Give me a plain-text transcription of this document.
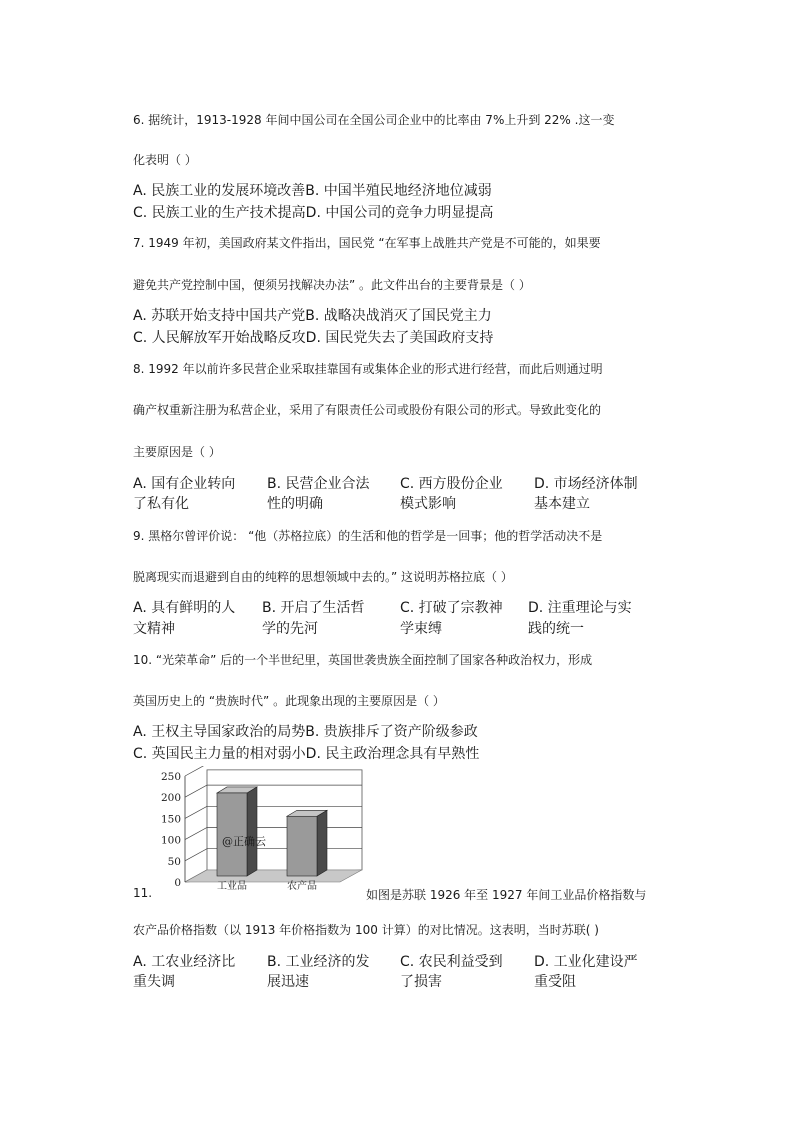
6. 据统计，1913-1928 年间中国公司在全国公司企业中的比率由 7%上升到 22% .这一变
化表明（ ）
A. 民族工业的发展环境改善B. 中国半殖民地经济地位减弱
C. 民族工业的生产技术提高D. 中国公司的竞争力明显提高
7. 1949 年初，美国政府某文件指出，国民党 “在军事上战胜共产党是不可能的，如果要
避免共产党控制中国，便须另找解决办法” 。此文件出台的主要背景是（ ）
A. 苏联开始支持中国共产党B. 战略决战消灭了国民党主力
C. 人民解放军开始战略反攻D. 国民党失去了美国政府支持
8. 1992 年以前许多民营企业采取挂靠国有或集体企业的形式进行经营，而此后则通过明
确产权重新注册为私营企业，采用了有限责任公司或股份有限公司的形式。导致此变化的
主要原因是（ ）
A. 国有企业转向
了私有化
B. 民营企业合法
性的明确
C. 西方股份企业
模式影响
D. 市场经济体制
基本建立
9. 黑格尔曾评价说： “他（苏格拉底）的生活和他的哲学是一回事；他的哲学活动决不是
脱离现实而退避到自由的纯粹的思想领域中去的。” 这说明苏格拉底（ ）
A. 具有鲜明的人
文精神
B. 开启了生活哲
学的先河
C. 打破了宗教神
学束缚
D. 注重理论与实
践的统一
10. “光荣革命” 后的一个半世纪里，英国世袭贵族全面控制了国家各种政治权力，形成
英国历史上的 “贵族时代” 。此现象出现的主要原因是（ ）
A. 王权主导国家政治的局势B. 贵族排斥了资产阶级参政
C. 英国民主力量的相对弱小D. 民主政治理念具有早熟性
0
50
100
150
200
250
工业品	农产品
@正确云
11.	如图是苏联 1926 年至 1927 年间工业品价格指数与
农产品价格指数（以 1913 年价格指数为 100 计算）的对比情况。这表明，当时苏联( )
A. 工农业经济比
重失调
B. 工业经济的发
展迅速
C. 农民利益受到
了损害
D. 工业化建设严
重受阻
